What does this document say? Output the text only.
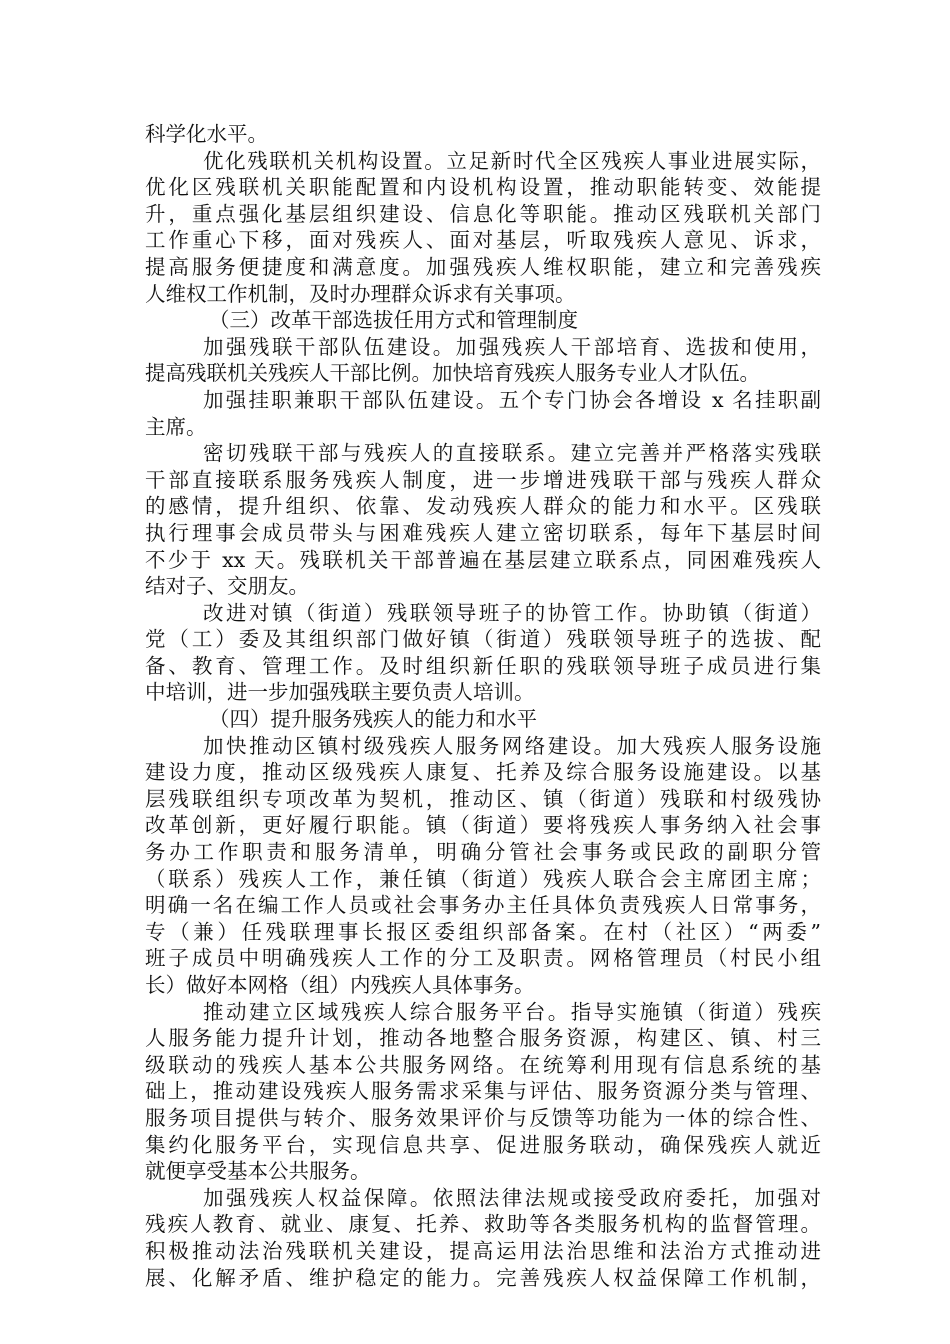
科学化水平。
优化残联机关机构设置。立足新时代全区残疾人事业进展实际，
优化区残联机关职能配置和内设机构设置，推动职能转变、效能提
升，重点强化基层组织建设、信息化等职能。推动区残联机关部门
工作重心下移，面对残疾人、面对基层，听取残疾人意见、诉求，
提高服务便捷度和满意度。加强残疾人维权职能，建立和完善残疾
人维权工作机制，及时办理群众诉求有关事项。
（三）改革干部选拔任用方式和管理制度
加强残联干部队伍建设。加强残疾人干部培育、选拔和使用，
提高残联机关残疾人干部比例。加快培育残疾人服务专业人才队伍。
加强挂职兼职干部队伍建设。五个专门协会各增设 x 名挂职副
主席。
密切残联干部与残疾人的直接联系。建立完善并严格落实残联
干部直接联系服务残疾人制度，进一步增进残联干部与残疾人群众
的感情，提升组织、依靠、发动残疾人群众的能力和水平。区残联
执行理事会成员带头与困难残疾人建立密切联系，每年下基层时间
不少于 xx 天。残联机关干部普遍在基层建立联系点，同困难残疾人
结对子、交朋友。
改进对镇（街道）残联领导班子的协管工作。协助镇（街道）
党（工）委及其组织部门做好镇（街道）残联领导班子的选拔、配
备、教育、管理工作。及时组织新任职的残联领导班子成员进行集
中培训，进一步加强残联主要负责人培训。
（四）提升服务残疾人的能力和水平
加快推动区镇村级残疾人服务网络建设。加大残疾人服务设施
建设力度，推动区级残疾人康复、托养及综合服务设施建设。以基
层残联组织专项改革为契机，推动区、镇（街道）残联和村级残协
改革创新，更好履行职能。镇（街道）要将残疾人事务纳入社会事
务办工作职责和服务清单，明确分管社会事务或民政的副职分管
（联系）残疾人工作，兼任镇（街道）残疾人联合会主席团主席；
明确一名在编工作人员或社会事务办主任具体负责残疾人日常事务，
专（兼）任残联理事长报区委组织部备案。在村（社区）“两委”
班子成员中明确残疾人工作的分工及职责。网格管理员（村民小组
长）做好本网格（组）内残疾人具体事务。
推动建立区域残疾人综合服务平台。指导实施镇（街道）残疾
人服务能力提升计划，推动各地整合服务资源，构建区、镇、村三
级联动的残疾人基本公共服务网络。在统筹利用现有信息系统的基
础上，推动建设残疾人服务需求采集与评估、服务资源分类与管理、
服务项目提供与转介、服务效果评价与反馈等功能为一体的综合性、
集约化服务平台，实现信息共享、促进服务联动，确保残疾人就近
就便享受基本公共服务。
加强残疾人权益保障。依照法律法规或接受政府委托，加强对
残疾人教育、就业、康复、托养、救助等各类服务机构的监督管理。
积极推动法治残联机关建设，提高运用法治思维和法治方式推动进
展、化解矛盾、维护稳定的能力。完善残疾人权益保障工作机制，
